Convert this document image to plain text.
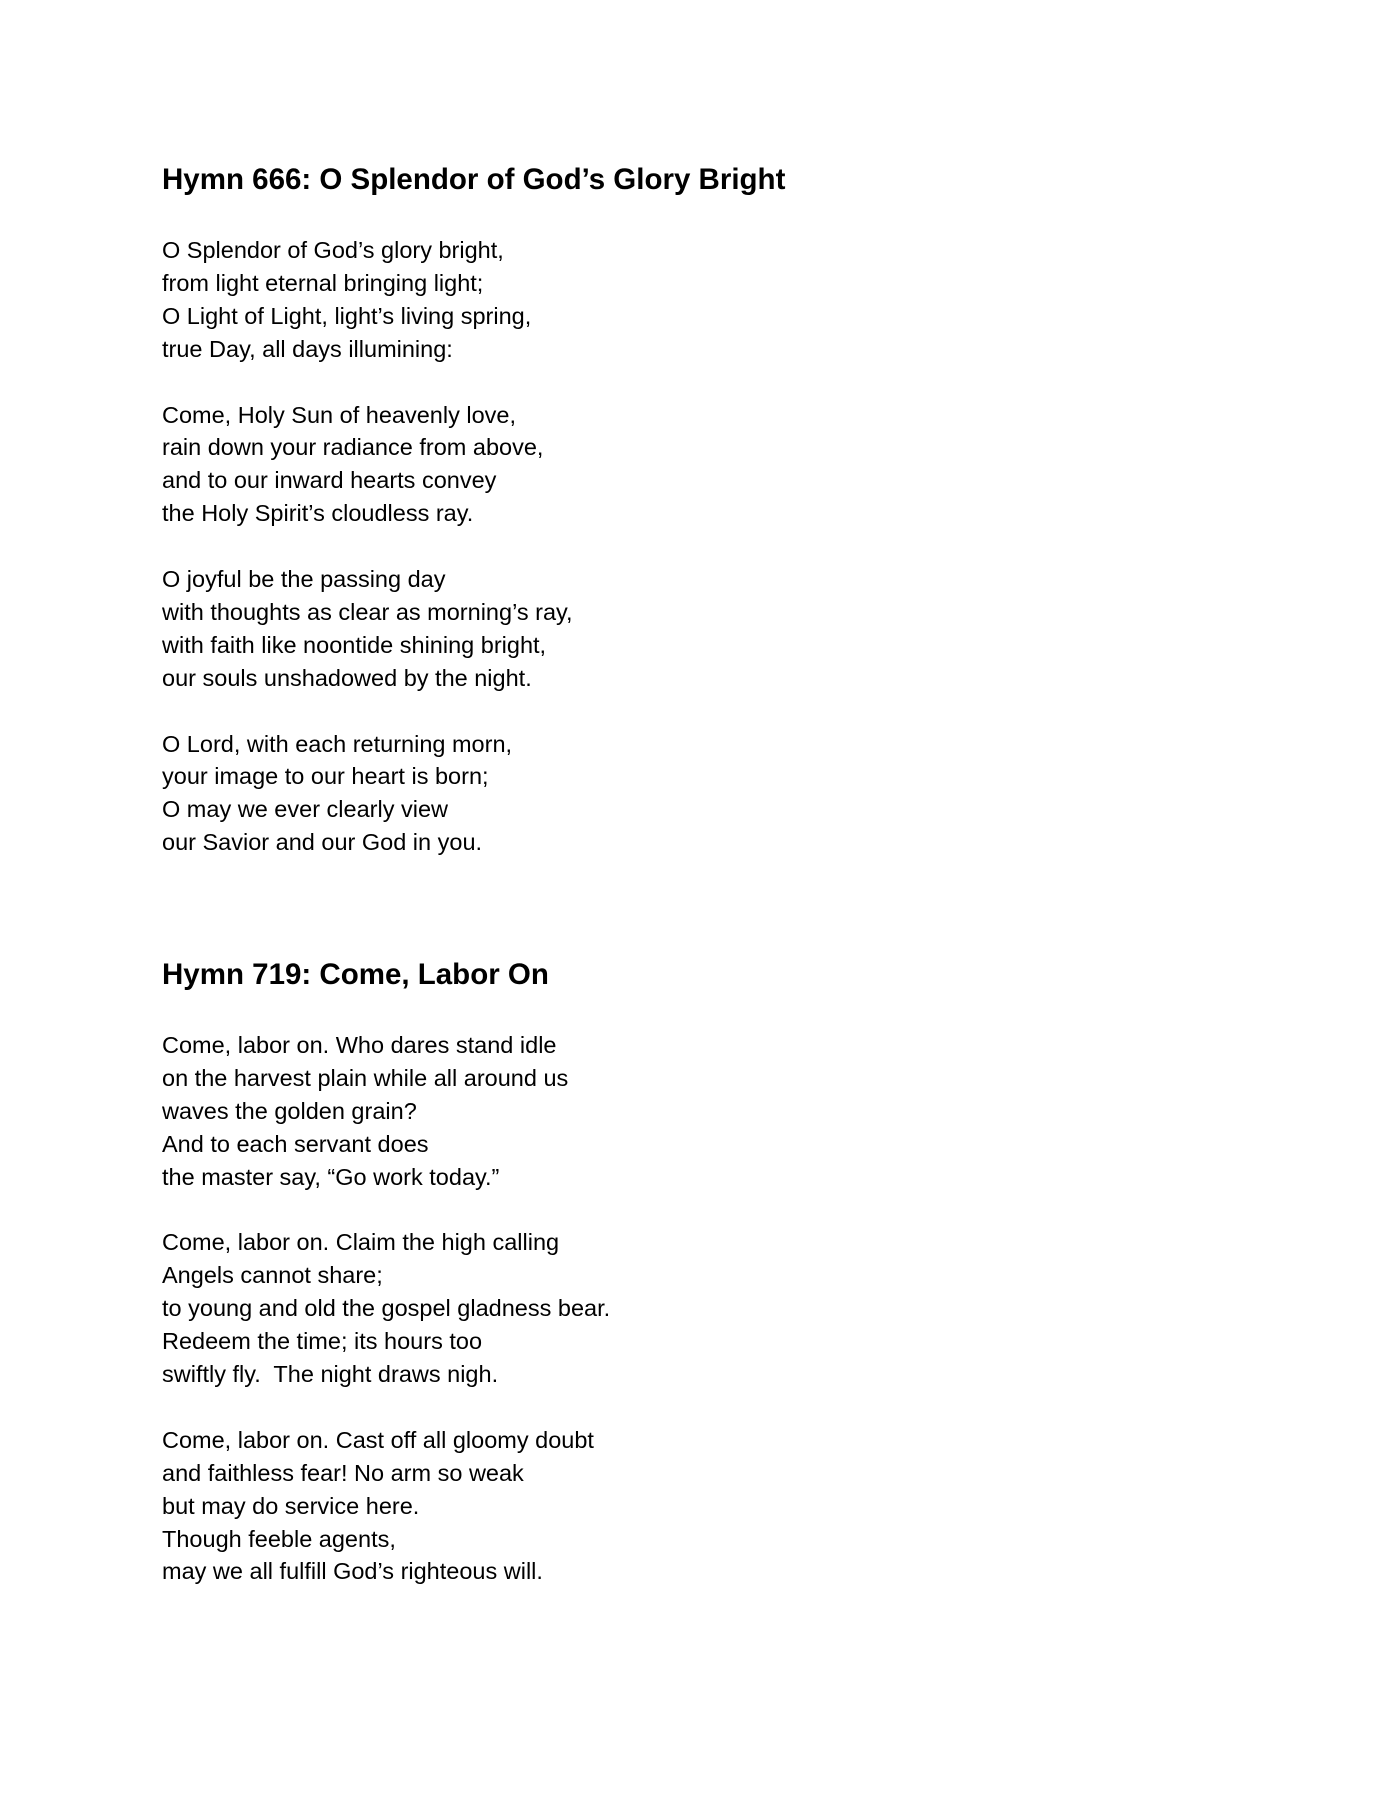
Hymn 666: O Splendor of God’s Glory Bright
O Splendor of God’s glory bright,
from light eternal bringing light;
O Light of Light, light’s living spring,
true Day, all days illumining:
Come, Holy Sun of heavenly love,
rain down your radiance from above,
and to our inward hearts convey
the Holy Spirit’s cloudless ray.
O joyful be the passing day
with thoughts as clear as morning’s ray,
with faith like noontide shining bright,
our souls unshadowed by the night.
O Lord, with each returning morn,
your image to our heart is born;
O may we ever clearly view
our Savior and our God in you.
Hymn 719: Come, Labor On
Come, labor on. Who dares stand idle
on the harvest plain while all around us
waves the golden grain?
And to each servant does
the master say, “Go work today.”
Come, labor on. Claim the high calling
Angels cannot share;
to young and old the gospel gladness bear.
Redeem the time; its hours too
swiftly fly.  The night draws nigh.
Come, labor on. Cast off all gloomy doubt
and faithless fear! No arm so weak
but may do service here.
Though feeble agents,
may we all fulfill God’s righteous will.
